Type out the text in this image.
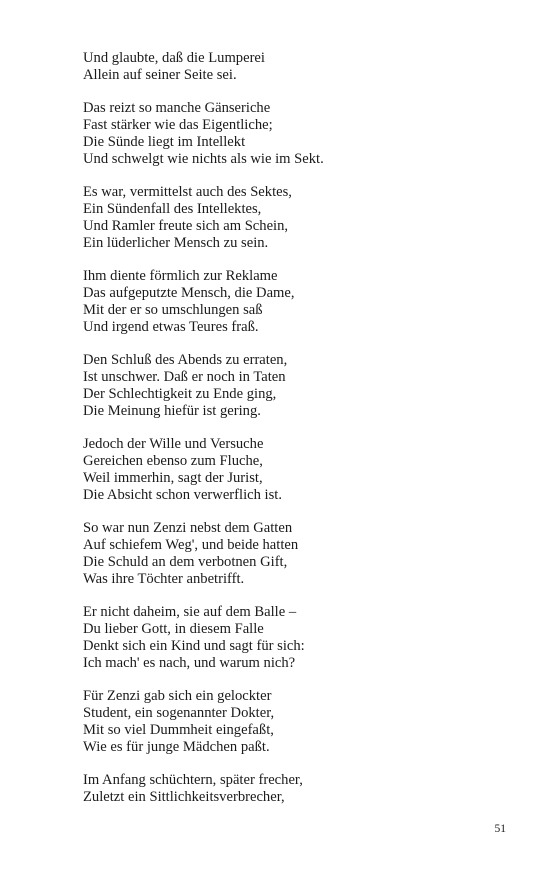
Und glaubte, daß die Lumperei
Allein auf seiner Seite sei.
Das reizt so manche Gänseriche
Fast stärker wie das Eigentliche;
Die Sünde liegt im Intellekt
Und schwelgt wie nichts als wie im Sekt.
Es war, vermittelst auch des Sektes,
Ein Sündenfall des Intellektes,
Und Ramler freute sich am Schein,
Ein lüderlicher Mensch zu sein.
Ihm diente förmlich zur Reklame
Das aufgeputzte Mensch, die Dame,
Mit der er so umschlungen saß
Und irgend etwas Teures fraß.
Den Schluß des Abends zu erraten,
Ist unschwer. Daß er noch in Taten
Der Schlechtigkeit zu Ende ging,
Die Meinung hiefür ist gering.
Jedoch der Wille und Versuche
Gereichen ebenso zum Fluche,
Weil immerhin, sagt der Jurist,
Die Absicht schon verwerflich ist.
So war nun Zenzi nebst dem Gatten
Auf schiefem Weg', und beide hatten
Die Schuld an dem verbotnen Gift,
Was ihre Töchter anbetrifft.
Er nicht daheim, sie auf dem Balle –
Du lieber Gott, in diesem Falle
Denkt sich ein Kind und sagt für sich:
Ich mach' es nach, und warum nich?
Für Zenzi gab sich ein gelockter
Student, ein sogenannter Dokter,
Mit so viel Dummheit eingefaßt,
Wie es für junge Mädchen paßt.
Im Anfang schüchtern, später frecher,
Zuletzt ein Sittlichkeitsverbrecher,
51
